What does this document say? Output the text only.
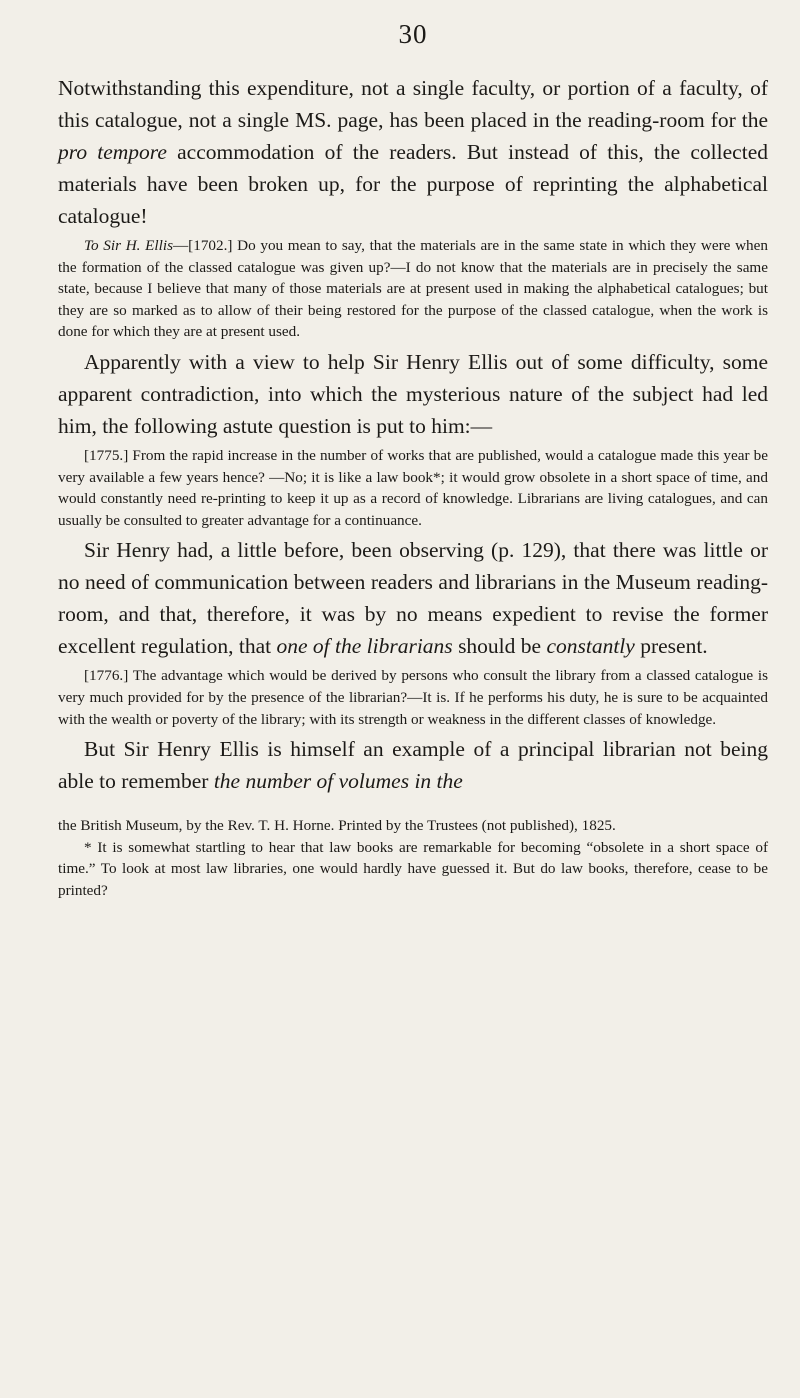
30

Notwithstanding this expenditure, not a single faculty, or portion of a faculty, of this catalogue, not a single MS. page, has been placed in the reading-room for the pro tempore accommodation of the readers. But instead of this, the collected materials have been broken up, for the purpose of reprinting the alphabetical catalogue!

To Sir H. Ellis—[1702.] Do you mean to say, that the materials are in the same state in which they were when the formation of the classed catalogue was given up?—I do not know that the materials are in precisely the same state, because I believe that many of those materials are at present used in making the alphabetical catalogues; but they are so marked as to allow of their being restored for the purpose of the classed catalogue, when the work is done for which they are at present used.

Apparently with a view to help Sir Henry Ellis out of some difficulty, some apparent contradiction, into which the mysterious nature of the subject had led him, the following astute question is put to him:—

[1775.] From the rapid increase in the number of works that are published, would a catalogue made this year be very available a few years hence? —No; it is like a law book*; it would grow obsolete in a short space of time, and would constantly need re-printing to keep it up as a record of knowledge. Librarians are living catalogues, and can usually be consulted to greater advantage for a continuance.

Sir Henry had, a little before, been observing (p. 129), that there was little or no need of communication between readers and librarians in the Museum reading-room, and that, therefore, it was by no means expedient to revise the former excellent regulation, that one of the librarians should be constantly present.

[1776.] The advantage which would be derived by persons who consult the library from a classed catalogue is very much provided for by the presence of the librarian?—It is. If he performs his duty, he is sure to be acquainted with the wealth or poverty of the library; with its strength or weakness in the different classes of knowledge.

But Sir Henry Ellis is himself an example of a principal librarian not being able to remember the number of volumes in the

the British Museum, by the Rev. T. H. Horne. Printed by the Trustees (not published), 1825.

* It is somewhat startling to hear that law books are remarkable for becoming “obsolete in a short space of time.” To look at most law libraries, one would hardly have guessed it. But do law books, therefore, cease to be printed?
